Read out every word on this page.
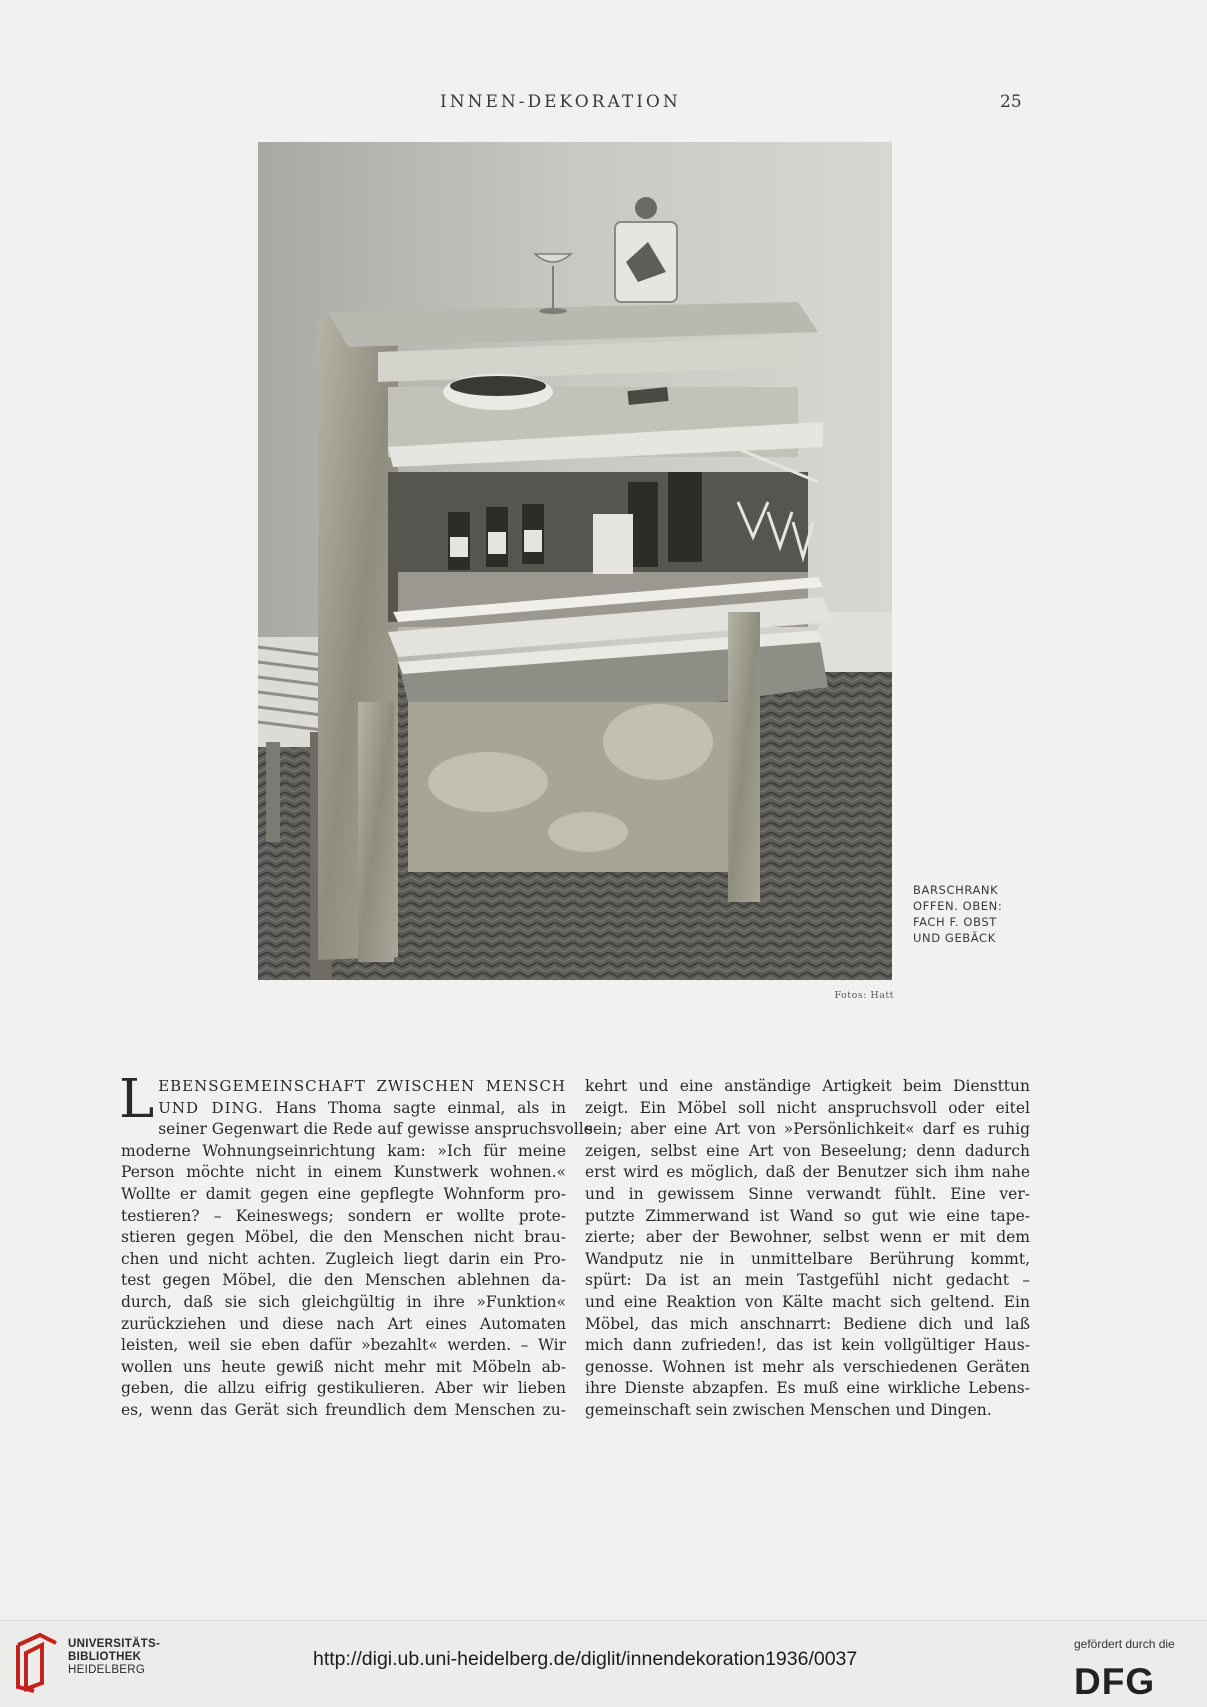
INNEN-DEKORATION	25
BARSCHRANK
OFFEN. OBEN:
FACH F. OBST
UND GEBÄCK
Fotos: Hatt
L EBENSGEMEINSCHAFT ZWISCHEN MENSCH
UND DING. Hans Thoma sagte einmal, als in
seiner Gegenwart die Rede auf gewisse anspruchsvolle
moderne Wohnungseinrichtung kam: »Ich für meine
Person möchte nicht in einem Kunstwerk wohnen.«
Wollte er damit gegen eine gepflegte Wohnform pro-
testieren? – Keineswegs; sondern er wollte prote-
stieren gegen Möbel, die den Menschen nicht brau-
chen und nicht achten. Zugleich liegt darin ein Pro-
test gegen Möbel, die den Menschen ablehnen da-
durch, daß sie sich gleichgültig in ihre »Funktion«
zurückziehen und diese nach Art eines Automaten
leisten, weil sie eben dafür »bezahlt« werden. – Wir
wollen uns heute gewiß nicht mehr mit Möbeln ab-
geben, die allzu eifrig gestikulieren. Aber wir lieben
es, wenn das Gerät sich freundlich dem Menschen zu-
kehrt und eine anständige Artigkeit beim Diensttun
zeigt. Ein Möbel soll nicht anspruchsvoll oder eitel
sein; aber eine Art von »Persönlichkeit« darf es ruhig
zeigen, selbst eine Art von Beseelung; denn dadurch
erst wird es möglich, daß der Benutzer sich ihm nahe
und in gewissem Sinne verwandt fühlt. Eine ver-
putzte Zimmerwand ist Wand so gut wie eine tape-
zierte; aber der Bewohner, selbst wenn er mit dem
Wandputz nie in unmittelbare Berührung kommt,
spürt: Da ist an mein Tastgefühl nicht gedacht –
und eine Reaktion von Kälte macht sich geltend. Ein
Möbel, das mich anschnarrt: Bediene dich und laß
mich dann zufrieden!, das ist kein vollgültiger Haus-
genosse. Wohnen ist mehr als verschiedenen Geräten
ihre Dienste abzapfen. Es muß eine wirkliche Lebens-
gemeinschaft sein zwischen Menschen und Dingen.
UNIVERSITÄTS-
BIBLIOTHEK
HEIDELBERG	http://digi.ub.uni-heidelberg.de/diglit/innendekoration1936/0037
gefördert durch die
DFG
